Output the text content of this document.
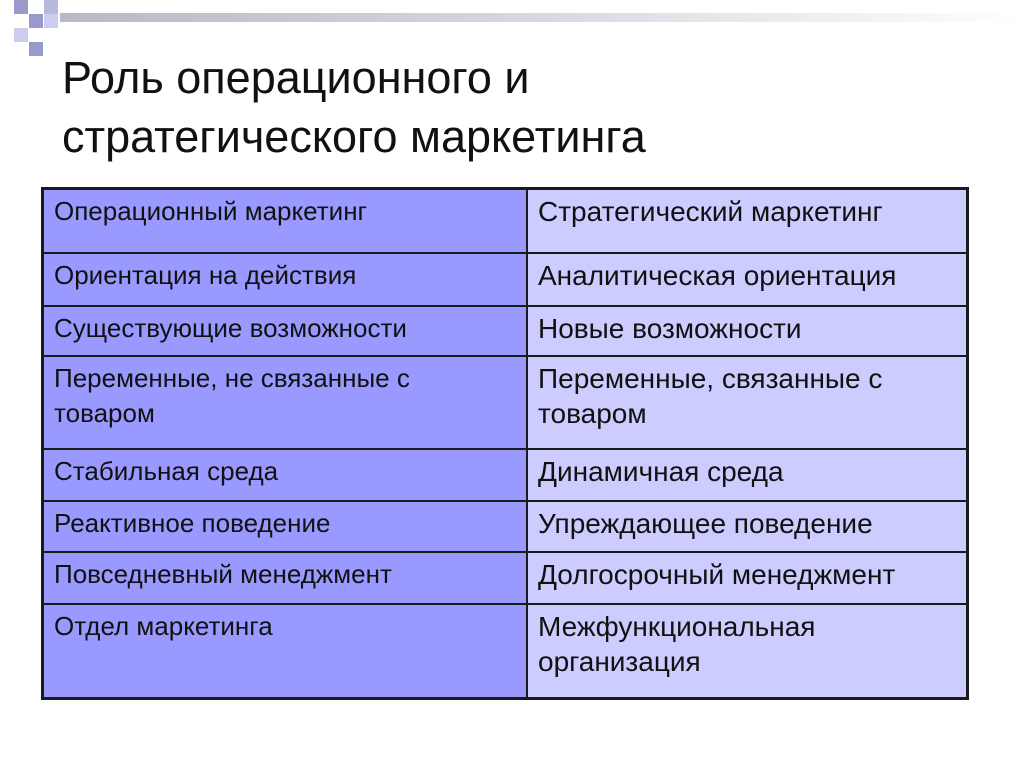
Роль операционного и
стратегического маркетинга
Операционный маркетинг	Стратегический маркетинг
Ориентация на действия	Аналитическая ориентация
Существующие возможности	Новые возможности
Переменные, не связанные с товаром	Переменные, связанные с товаром
Стабильная среда	Динамичная среда
Реактивное поведение	Упреждающее поведение
Повседневный менеджмент	Долгосрочный менеджмент
Отдел маркетинга	Межфункциональная организация
